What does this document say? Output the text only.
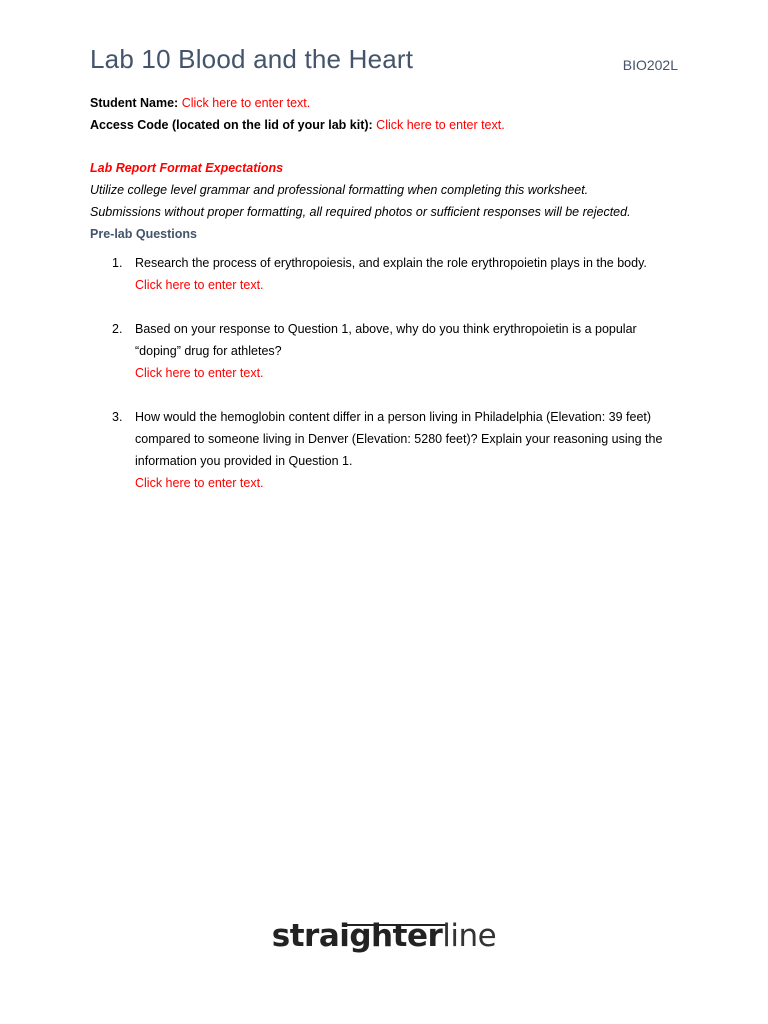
Lab 10 Blood and the Heart	BIO202L
Student Name: Click here to enter text.
Access Code (located on the lid of your lab kit): Click here to enter text.
Lab Report Format Expectations
Utilize college level grammar and professional formatting when completing this worksheet.
Submissions without proper formatting, all required photos or sufficient responses will be rejected.
Pre-lab Questions
1. Research the process of erythropoiesis, and explain the role erythropoietin plays in the body.
Click here to enter text.
2. Based on your response to Question 1, above, why do you think erythropoietin is a popular
“doping” drug for athletes?
Click here to enter text.
3. How would the hemoglobin content differ in a person living in Philadelphia (Elevation: 39 feet)
compared to someone living in Denver (Elevation: 5280 feet)? Explain your reasoning using the
information you provided in Question 1.
Click here to enter text.
straighterline
